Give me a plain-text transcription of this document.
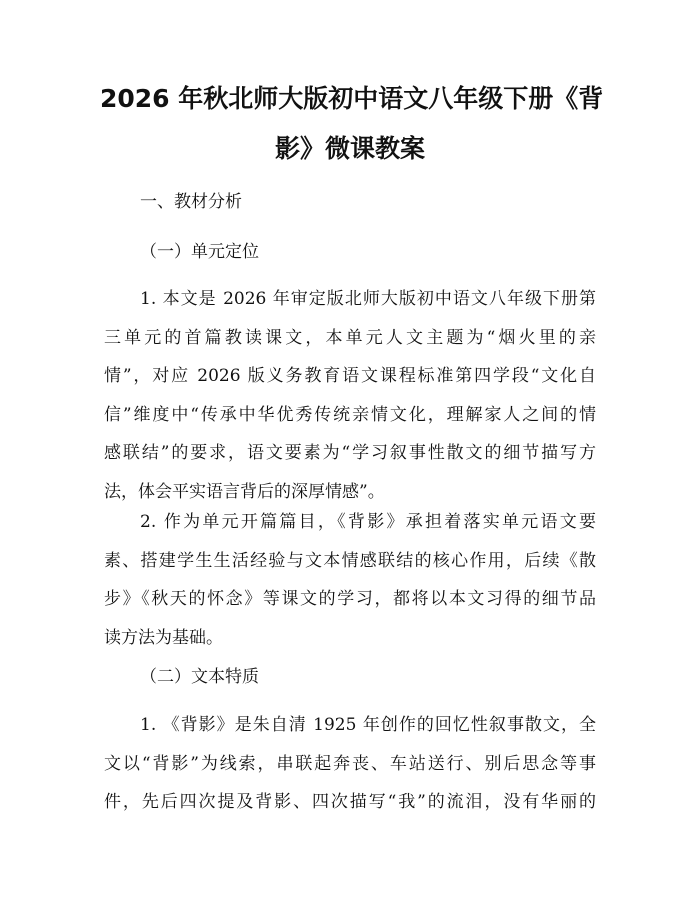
2026 年秋北师大版初中语文八年级下册《背
影》微课教案

一、教材分析

（一）单元定位

1. 本文是 2026 年审定版北师大版初中语文八年级下册第
三单元的首篇教读课文，本单元人文主题为“烟火里的亲
情”，对应 2026 版义务教育语文课程标准第四学段“文化自
信”维度中“传承中华优秀传统亲情文化，理解家人之间的情
感联结”的要求，语文要素为“学习叙事性散文的细节描写方
法，体会平实语言背后的深厚情感”。
2. 作为单元开篇篇目，《背影》承担着落实单元语文要
素、搭建学生生活经验与文本情感联结的核心作用，后续《散
步》《秋天的怀念》等课文的学习，都将以本文习得的细节品
读方法为基础。

（二）文本特质

1. 《背影》是朱自清 1925 年创作的回忆性叙事散文，全
文以“背影”为线索，串联起奔丧、车站送行、别后思念等事
件，先后四次提及背影、四次描写“我”的流泪，没有华丽的
